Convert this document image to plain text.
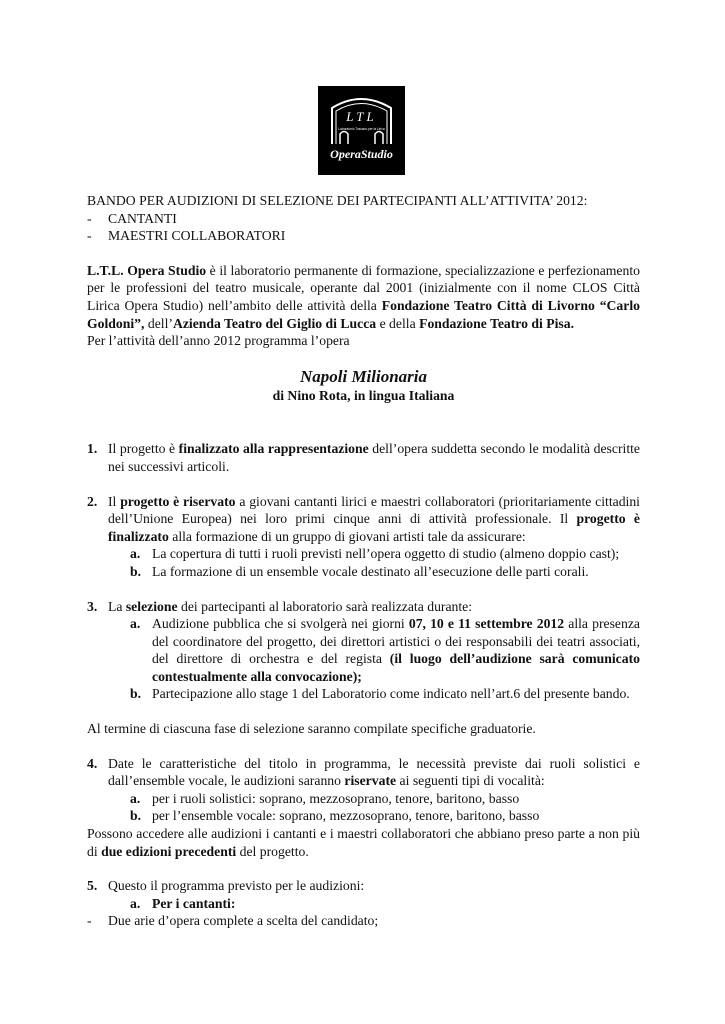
LTL
Laboratorio Toscano per la Lirica
OperaStudio

BANDO PER AUDIZIONI DI SELEZIONE DEI PARTECIPANTI ALL’ATTIVITA’ 2012:

- CANTANTI

- MAESTRI COLLABORATORI

L.T.L. Opera Studio è il laboratorio permanente di formazione, specializzazione e perfezionamento per le professioni del teatro musicale, operante dal 2001 (inizialmente con il nome CLOS Città Lirica Opera Studio) nell’ambito delle attività della Fondazione Teatro Città di Livorno “Carlo Goldoni”, dell’Azienda Teatro del Giglio di Lucca e della Fondazione Teatro di Pisa.

Per l’attività dell’anno 2012 programma l’opera

Napoli Milionaria

di Nino Rota, in lingua Italiana

1. Il progetto è finalizzato alla rappresentazione dell’opera suddetta secondo le modalità descritte nei successivi articoli.

2. Il progetto è riservato a giovani cantanti lirici e maestri collaboratori (prioritariamente cittadini dell’Unione Europea) nei loro primi cinque anni di attività professionale. Il progetto è finalizzato alla formazione di un gruppo di giovani artisti tale da assicurare:

a. La copertura di tutti i ruoli previsti nell’opera oggetto di studio (almeno doppio cast);

b. La formazione di un ensemble vocale destinato all’esecuzione delle parti corali.

3. La selezione dei partecipanti al laboratorio sarà realizzata durante:

a. Audizione pubblica che si svolgerà nei giorni 07, 10 e 11 settembre 2012 alla presenza del coordinatore del progetto, dei direttori artistici o dei responsabili dei teatri associati, del direttore di orchestra e del regista (il luogo dell’audizione sarà comunicato contestualmente alla convocazione);

b. Partecipazione allo stage 1 del Laboratorio come indicato nell’art.6 del presente bando.

Al termine di ciascuna fase di selezione saranno compilate specifiche graduatorie.

4. Date le caratteristiche del titolo in programma, le necessità previste dai ruoli solistici e dall’ensemble vocale, le audizioni saranno riservate ai seguenti tipi di vocalità:

a. per i ruoli solistici: soprano, mezzosoprano, tenore, baritono, basso

b. per l’ensemble vocale: soprano, mezzosoprano, tenore, baritono, basso

Possono accedere alle audizioni i cantanti e i maestri collaboratori che abbiano preso parte a non più di due edizioni precedenti del progetto.

5. Questo il programma previsto per le audizioni:

a. Per i cantanti:

- Due arie d’opera complete a scelta del candidato;
